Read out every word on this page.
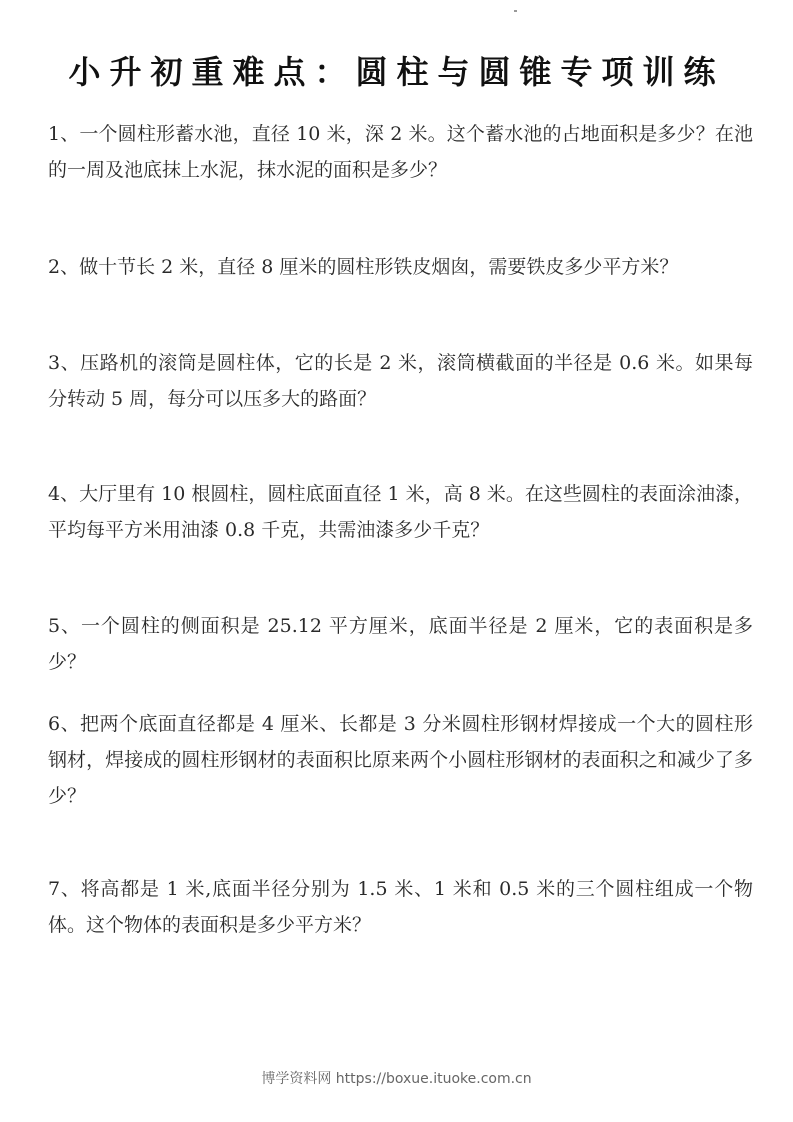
小升初重难点：圆柱与圆锥专项训练
1、一个圆柱形蓄水池，直径 10 米，深 2 米。这个蓄水池的占地面积是多少？在池的一周及池底抹上水泥，抹水泥的面积是多少？
2、做十节长 2 米，直径 8 厘米的圆柱形铁皮烟囱，需要铁皮多少平方米？
3、压路机的滚筒是圆柱体，它的长是 2 米，滚筒横截面的半径是 0.6 米。如果每分转动 5 周，每分可以压多大的路面？
4、大厅里有 10 根圆柱，圆柱底面直径 1 米，高 8 米。在这些圆柱的表面涂油漆，平均每平方米用油漆 0.8 千克，共需油漆多少千克？
5、一个圆柱的侧面积是 25.12 平方厘米，底面半径是 2 厘米，它的表面积是多少？
6、把两个底面直径都是 4 厘米、长都是 3 分米圆柱形钢材焊接成一个大的圆柱形钢材，焊接成的圆柱形钢材的表面积比原来两个小圆柱形钢材的表面积之和减少了多少？
7、将高都是 1 米,底面半径分别为 1.5 米、1 米和 0.5 米的三个圆柱组成一个物体。这个物体的表面积是多少平方米？
博学资料网 https://boxue.ituoke.com.cn
